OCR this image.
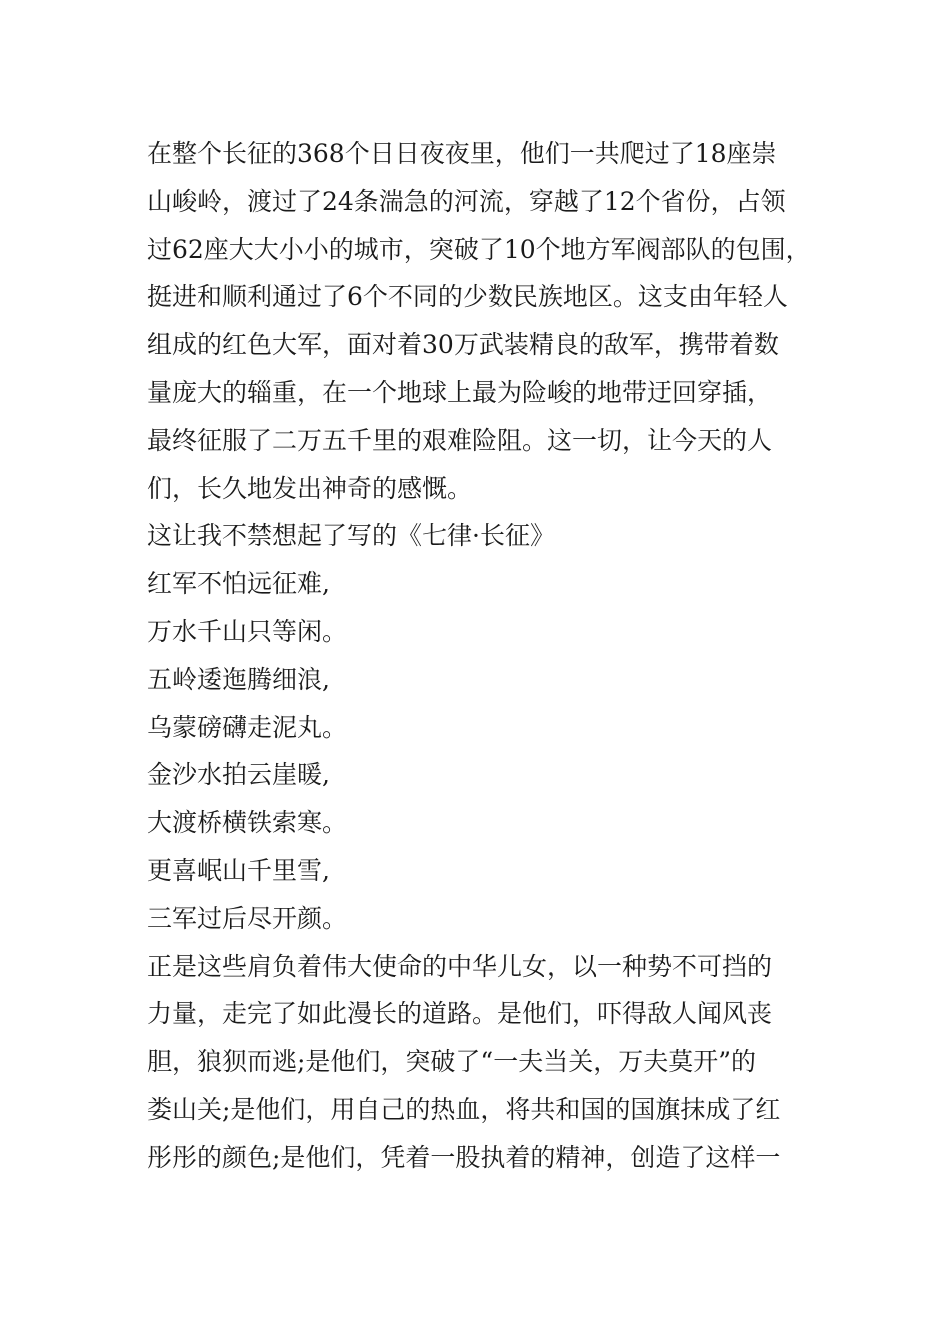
在整个长征的368个日日夜夜里，他们一共爬过了18座崇
山峻岭，渡过了24条湍急的河流，穿越了12个省份，占领
过62座大大小小的城市，突破了10个地方军阀部队的包围，
挺进和顺利通过了6个不同的少数民族地区。这支由年轻人
组成的红色大军，面对着30万武装精良的敌军，携带着数
量庞大的辎重，在一个地球上最为险峻的地带迂回穿插，
最终征服了二万五千里的艰难险阻。这一切，让今天的人
们，长久地发出神奇的感慨。
这让我不禁想起了写的《七律·长征》
红军不怕远征难,
万水千山只等闲。
五岭逶迤腾细浪,
乌蒙磅礴走泥丸。
金沙水拍云崖暖,
大渡桥横铁索寒。
更喜岷山千里雪,
三军过后尽开颜。
正是这些肩负着伟大使命的中华儿女，以一种势不可挡的
力量，走完了如此漫长的道路。是他们，吓得敌人闻风丧
胆，狼狈而逃;是他们，突破了“一夫当关，万夫莫开”的
娄山关;是他们，用自己的热血，将共和国的国旗抹成了红
彤彤的颜色;是他们，凭着一股执着的精神，创造了这样一
